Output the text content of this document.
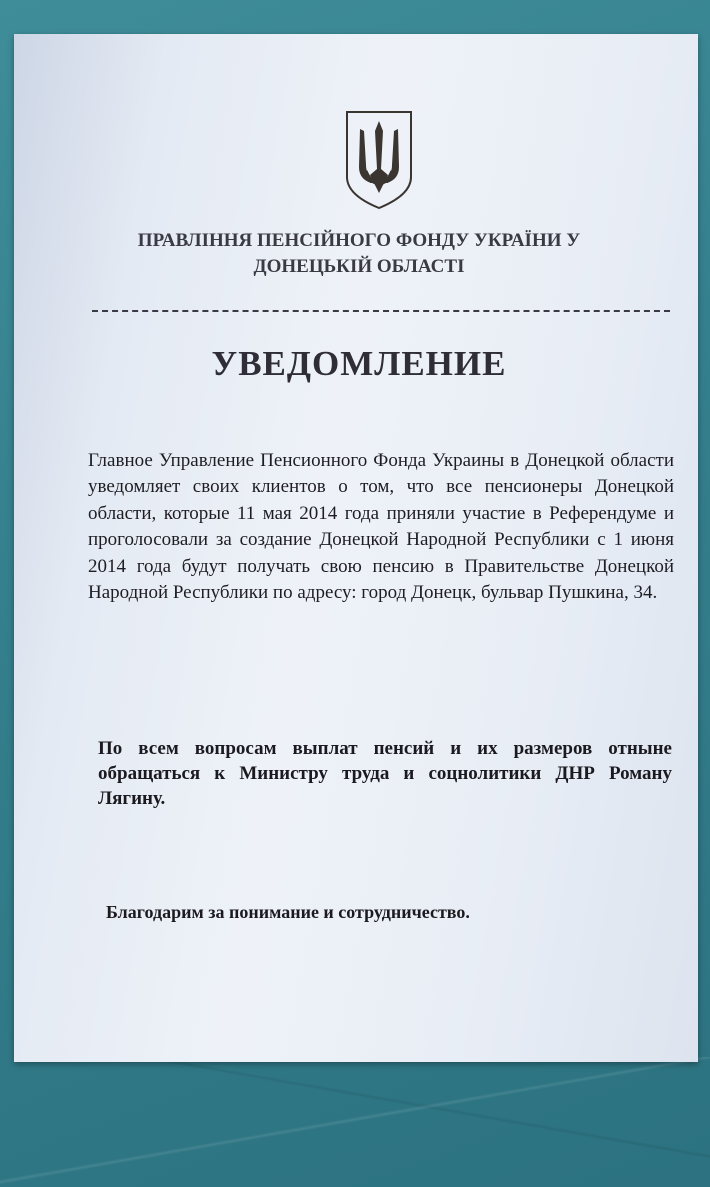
ПРАВЛІННЯ ПЕНСІЙНОГО ФОНДУ УКРАЇНИ У ДОНЕЦЬКІЙ ОБЛАСТІ
УВЕДОМЛЕНИЕ
Главное Управление Пенсионного Фонда Украины в Донецкой области уведомляет своих клиентов о том, что все пенсионеры Донецкой области, которые 11 мая 2014 года приняли участие в Референдуме и проголосовали за создание Донецкой Народной Республики с 1 июня 2014 года будут получать свою пенсию в Правительстве Донецкой Народной Республики по адресу: город Донецк, бульвар Пушкина, 34.
По всем вопросам выплат пенсий и их размеров отныне обращаться к Министру труда и соцнолитики ДНР Роману Лягину.
Благодарим за понимание и сотрудничество.
